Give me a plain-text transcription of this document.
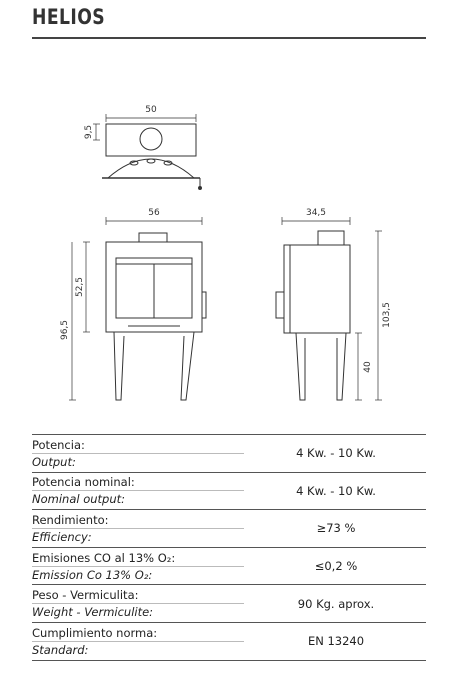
HELIOS
50
9,5
56	34,5
52,5
96,5
103,5
40
Potencia:
Output:	4 Kw. - 10 Kw.

Potencia nominal:
Nominal output:	4 Kw. - 10 Kw.

Rendimiento:
Efficiency:	≥73 %

Emisiones CO al 13% O₂:
Emission Co 13% O₂:	≤0,2 %

Peso - Vermiculita:
Weight - Vermiculite:	90 Kg. aprox.

Cumplimiento norma:
Standard:	EN 13240
